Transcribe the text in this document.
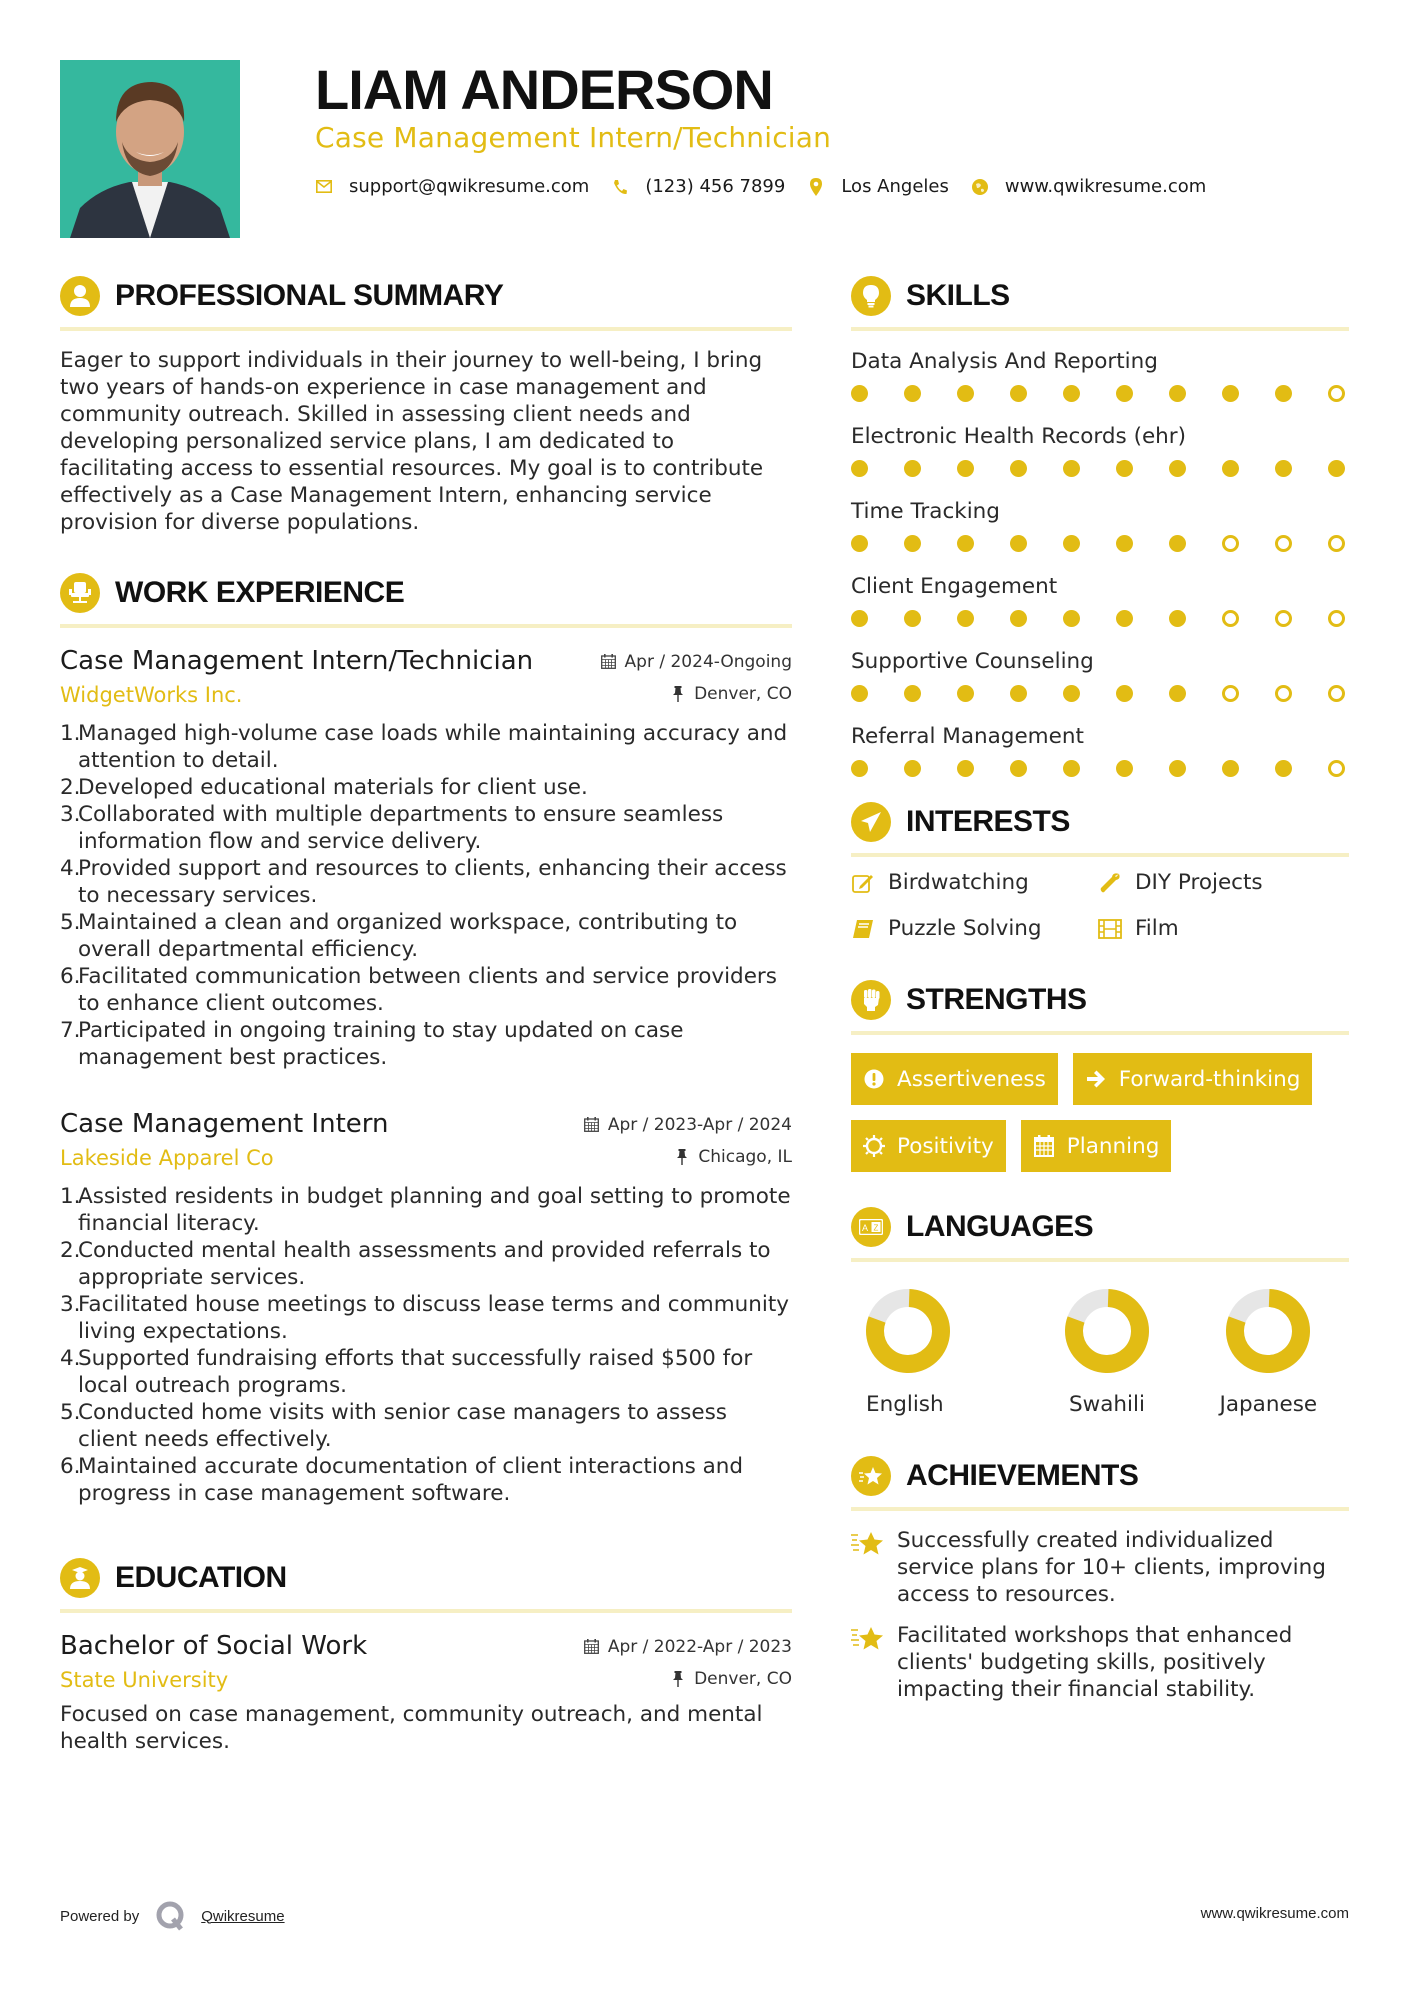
LIAM ANDERSON
Case Management Intern/Technician
support@qwikresume.com	(123) 456 7899	Los Angeles	www.qwikresume.com
PROFESSIONAL SUMMARY

Eager to support individuals in their journey to well-being, I bring two years of hands-on experience in case management and community outreach. Skilled in assessing client needs and developing personalized service plans, I am dedicated to facilitating access to essential resources. My goal is to contribute effectively as a Case Management Intern, enhancing service provision for diverse populations.

WORK EXPERIENCE
Case Management Intern/Technician	Apr / 2024-Ongoing
WidgetWorks Inc.	Denver, CO
1.
Managed high-volume case loads while maintaining accuracy and attention to detail.
2.
Developed educational materials for client use.
3.
Collaborated with multiple departments to ensure seamless information flow and service delivery.
4.
Provided support and resources to clients, enhancing their access to necessary services.
5.
Maintained a clean and organized workspace, contributing to overall departmental efficiency.
6.
Facilitated communication between clients and service providers to enhance client outcomes.
7.
Participated in ongoing training to stay updated on case management best practices.
Case Management Intern	Apr / 2023-Apr / 2024
Lakeside Apparel Co	Chicago, IL
1.
Assisted residents in budget planning and goal setting to promote financial literacy.
2.
Conducted mental health assessments and provided referrals to appropriate services.
3.
Facilitated house meetings to discuss lease terms and community living expectations.
4.
Supported fundraising efforts that successfully raised $500 for local outreach programs.
5.
Conducted home visits with senior case managers to assess client needs effectively.
6.
Maintained accurate documentation of client interactions and progress in case management software.
EDUCATION
Bachelor of Social Work	Apr / 2022-Apr / 2023
State University	Denver, CO

Focused on case management, community outreach, and mental health services.

SKILLS
Data Analysis And Reporting
Electronic Health Records (ehr)
Time Tracking
Client Engagement
Supportive Counseling
Referral Management
INTERESTS
Birdwatching	DIY Projects
Puzzle Solving	Film
STRENGTHS
Assertiveness	Forward-thinking
Positivity	Planning
A Z LANGUAGES
English	Swahili	Japanese
ACHIEVEMENTS
Successfully created individualized service plans for 10+ clients, improving access to resources.
Facilitated workshops that enhanced clients' budgeting skills, positively impacting their financial stability.
Powered by	Qwikresume	www.qwikresume.com
